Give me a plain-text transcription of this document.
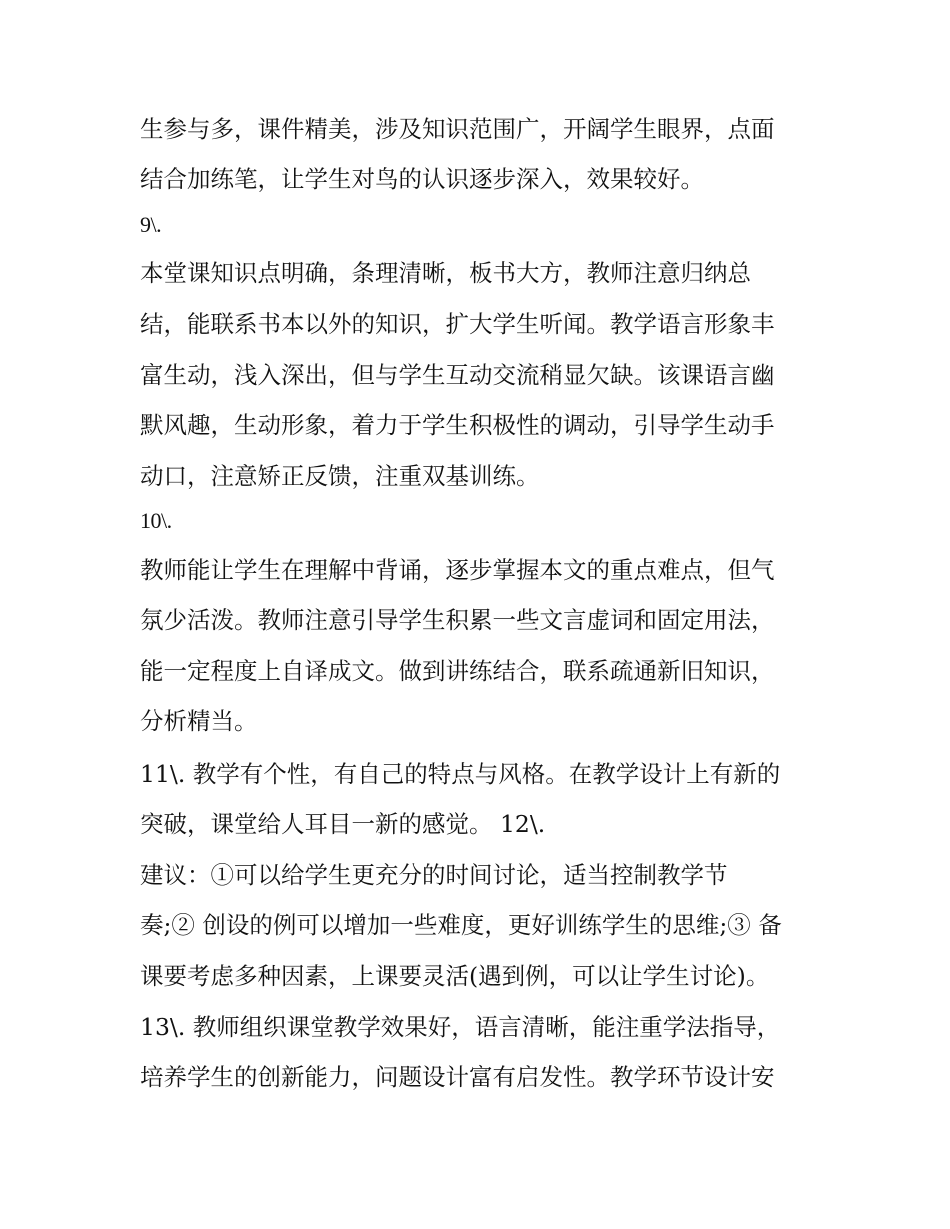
生参与多，课件精美，涉及知识范围广，开阔学生眼界，点面
结合加练笔，让学生对鸟的认识逐步深入，效果较好。
9\.
本堂课知识点明确，条理清晰，板书大方，教师注意归纳总
结，能联系书本以外的知识，扩大学生听闻。教学语言形象丰
富生动，浅入深出，但与学生互动交流稍显欠缺。该课语言幽
默风趣，生动形象，着力于学生积极性的调动，引导学生动手
动口，注意矫正反馈，注重双基训练。
10\.
教师能让学生在理解中背诵，逐步掌握本文的重点难点，但气
氛少活泼。教师注意引导学生积累一些文言虚词和固定用法，
能一定程度上自译成文。做到讲练结合，联系疏通新旧知识，
分析精当。
11\. 教学有个性，有自己的特点与风格。在教学设计上有新的
突破，课堂给人耳目一新的感觉。 12\.
建议：①可以给学生更充分的时间讨论，适当控制教学节
奏;② 创设的例可以增加一些难度，更好训练学生的思维;③ 备
课要考虑多种因素，上课要灵活(遇到例，可以让学生讨论)。
13\. 教师组织课堂教学效果好，语言清晰，能注重学法指导，
培养学生的创新能力，问题设计富有启发性。教学环节设计安
